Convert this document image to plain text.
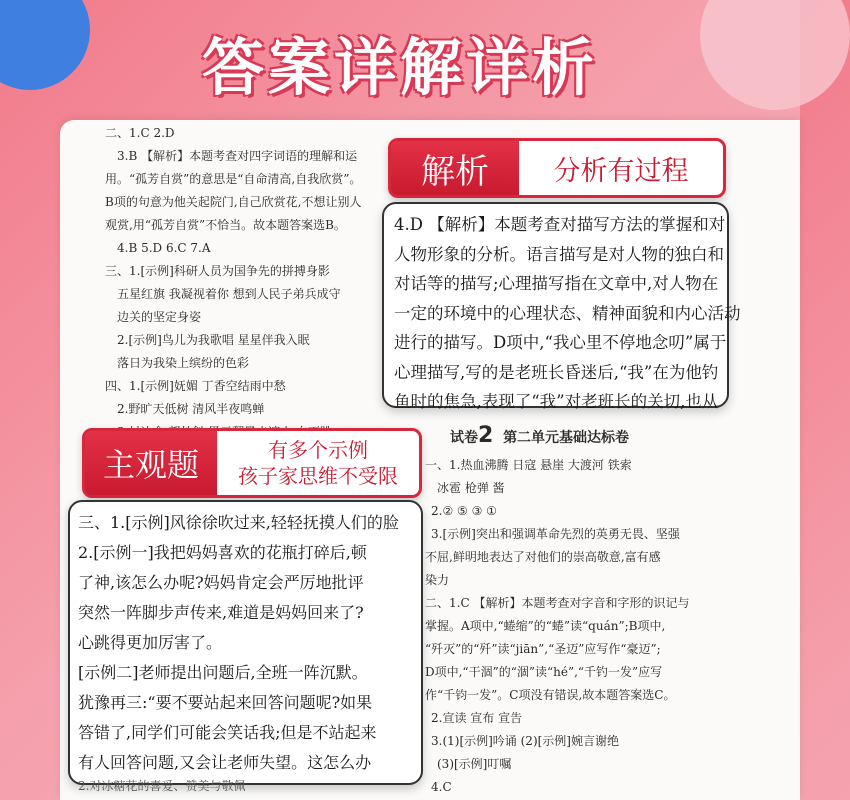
答案详解详析
二、1.C 2.D
3.B 【解析】本题考查对四字词语的理解和运
用。“孤芳自赏”的意思是“自命清高,自我欣赏”。
B项的句意为他关起院门,自己欣赏花,不想让别人
观赏,用“孤芳自赏”不恰当。故本题答案选B。
4.B 5.D 6.C 7.A
三、1.[示例]科研人员为国争先的拼搏身影
五星红旗 我凝视着你 想到人民子弟兵成守
边关的坚定身姿
2.[示例]鸟儿为我歌唱 星星伴我入眠
落日为我染上缤纷的色彩
四、1.[示例]妩媚 丁香空结雨中愁
2.野旷天低树 清风半夜鸣蝉
试卷2 第二单元基础达标卷
一、1.热血沸腾 日寇 悬崖 大渡河 铁索
冰雹 枪弹 酱
2.② ⑤ ③ ①
3.[示例]突出和强调革命先烈的英勇无畏、坚强
不屈,鲜明地表达了对他们的崇高敬意,富有感
染力
二、1.C 【解析】本题考查对字音和字形的识记与
掌握。A项中,“蜷缩”的“蜷”读“quán”;B项中,
“歼灭”的“歼”读“jiān”,“圣迈”应写作“豪迈”;
D项中,“干涸”的“涸”读“hé”,“千钓一发”应写
作“千钧一发”。C项没有错误,故本题答案选C。
2.宣读 宣布 宣告
3.(1)[示例]吟诵 (2)[示例]婉言谢绝
(3)[示例]叮嘱
4.C
解析	分析有过程
4.D 【解析】本题考查对描写方法的掌握和对
人物形象的分析。语言描写是对人物的独白和
对话等的描写;心理描写指在文章中,对人物在
一定的环境中的心理状态、精神面貌和内心活动
进行的描写。D项中,“我心里不停地念叨”属于
心理描写,写的是老班长昏迷后,“我”在为他钓
鱼时的焦急,表现了“我”对老班长的关切,也从
主观题	有多个示例
孩子家思维不受限
三、1.[示例]风徐徐吹过来,轻轻抚摸人们的脸
2.[示例一]我把妈妈喜欢的花瓶打碎后,顿
了神,该怎么办呢?妈妈肯定会严厉地批评
突然一阵脚步声传来,难道是妈妈回来了?
心跳得更加厉害了。
[示例二]老师提出问题后,全班一阵沉默。
犹豫再三:“要不要站起来回答问题呢?如果
答错了,同学们可能会笑话我;但是不站起来
有人回答问题,又会让老师失望。这怎么办
2.对冰糖花的喜爱、赞美与敬佩
